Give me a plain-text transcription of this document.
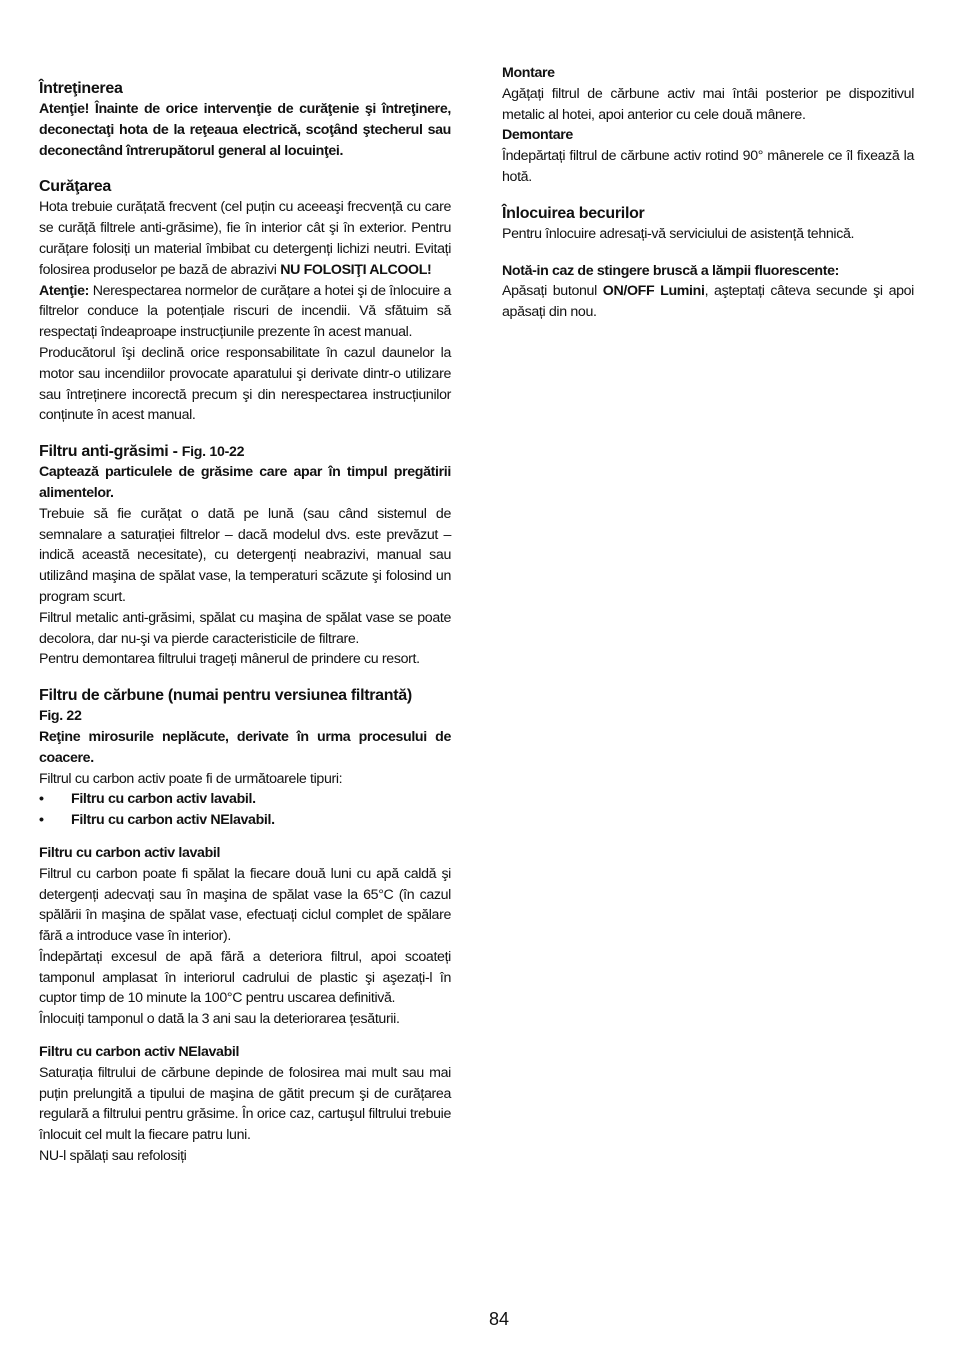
Întreţinerea

Atenţie! Înainte de orice intervenţie de curăţenie şi întreţinere, deconectaţi hota de la reţeaua electrică, scoţând ştecherul sau deconectând întrerupătorul general al locuinţei.

Curăţarea

Hota trebuie curățată frecvent (cel puțin cu aceeaşi frecvență cu care se curăță filtrele anti-grăsime), fie în interior cât şi în exterior. Pentru curățare folosiți un material îmbibat cu detergenți lichizi neutri. Evitați folosirea produselor pe bază de abrazivi NU FOLOSIŢI ALCOOL!

Atenţie: Nerespectarea normelor de curățare a hotei şi de înlocuire a filtrelor conduce la potențiale riscuri de incendii. Vă sfătuim să respectați îndeaproape instrucțiunile prezente în acest manual.

Producătorul îşi declină orice responsabilitate în cazul daunelor la motor sau incendiilor provocate aparatului şi derivate dintr-o utilizare sau întreținere incorectă precum şi din nerespectarea instrucțiunilor conținute în acest manual.

Filtru anti-grăsimi - Fig. 10-22

Captează particulele de grăsime care apar în timpul pregătirii alimentelor.

Trebuie să fie curățat o dată pe lună (sau când sistemul de semnalare a saturației filtrelor – dacă modelul dvs. este prevăzut – indică această necesitate), cu detergenți neabrazivi, manual sau utilizând maşina de spălat vase, la temperaturi scăzute şi folosind un program scurt.

Filtrul metalic anti-grăsimi, spălat cu maşina de spălat vase se poate decolora, dar nu-şi va pierde caracteristicile de filtrare.

Pentru demontarea filtrului trageți mânerul de prindere cu resort.

Filtru de cărbune (numai pentru versiunea filtrantă)
Fig. 22

Reţine mirosurile neplăcute, derivate în urma procesului de coacere.

Filtrul cu carbon activ poate fi de următoarele tipuri:

•	Filtru cu carbon activ lavabil.
•	Filtru cu carbon activ NElavabil.
Filtru cu carbon activ lavabil

Filtrul cu carbon poate fi spălat la fiecare două luni cu apă caldă şi detergenți adecvați sau în maşina de spălat vase la 65°C (în cazul spălării în maşina de spălat vase, efectuați ciclul complet de spălare fără a introduce vase în interior).

Îndepărtați excesul de apă fără a deteriora filtrul, apoi scoateți tamponul amplasat în interiorul cadrului de plastic şi aşezați-l în cuptor timp de 10 minute la 100°C pentru uscarea definitivă.

Înlocuiți tamponul o dată la 3 ani sau la deteriorarea țesăturii.

Filtru cu carbon activ NElavabil

Saturația filtrului de cărbune depinde de folosirea mai mult sau mai puțin prelungită a tipului de maşina de gătit precum şi de curățarea regulară a filtrului pentru grăsime. În orice caz, cartuşul filtrului trebuie înlocuit cel mult la fiecare patru luni.

NU-l spălați sau refolosiți

Montare

Agățați filtrul de cărbune activ mai întâi posterior pe dispozitivul metalic al hotei, apoi anterior cu cele două mânere.

Demontare

Îndepărtați filtrul de cărbune activ rotind 90° mânerele ce îl fixează la hotă.

Înlocuirea becurilor

Pentru înlocuire adresați-vă serviciului de asistență tehnică.

Notă-in caz de stingere bruscă a lămpii fluorescente:

Apăsați butonul ON/OFF Lumini, aşteptați câteva secunde şi apoi apăsați din nou.

84
